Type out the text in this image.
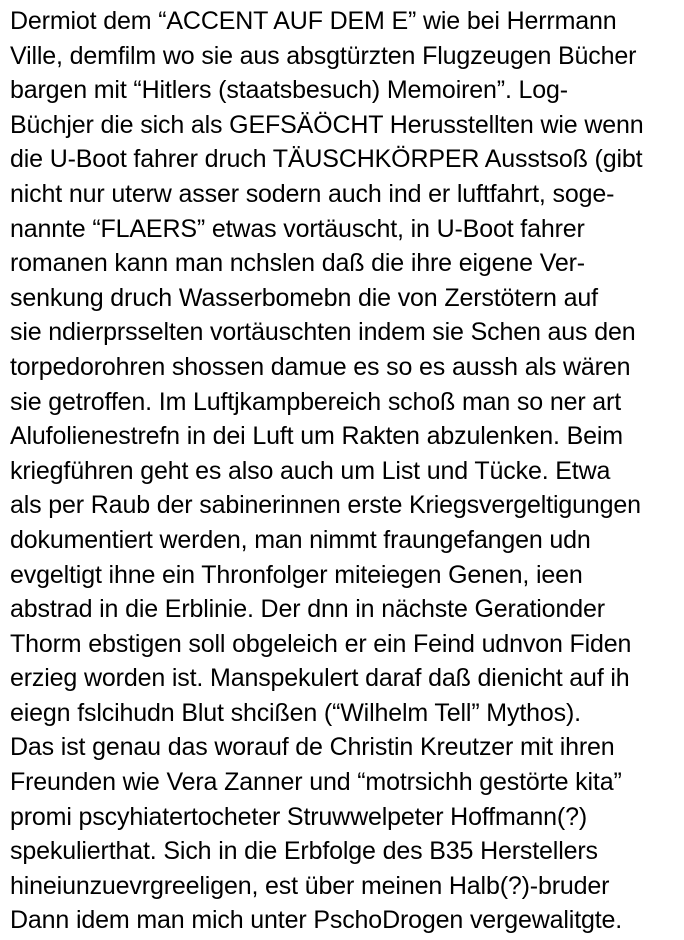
Dermiot dem “ACCENT AUF DEM E” wie bei Herrmann
Ville, demfilm wo sie aus absgtürzten Flugzeugen Bücher
bargen mit “Hitlers (staatsbesuch) Memoiren”. Log-
Büchjer die sich als GEFSÄÖCHT Herusstellten wie wenn
die U-Boot fahrer druch TÄUSCHKÖRPER Ausstsoß (gibt
nicht nur uterw asser sodern auch ind er luftfahrt, soge-
nannte “FLAERS” etwas vortäuscht, in U-Boot fahrer
romanen kann man nchslen daß die ihre eigene Ver-
senkung druch Wasserbomebn die von Zerstötern auf
sie ndierprsselten vortäuschten indem sie Schen aus den
torpedorohren shossen damue es so es aussh als wären
sie getroffen. Im Luftjkampbereich schoß man so ner art
Alufolienestrefn in dei Luft um Rakten abzulenken. Beim
kriegführen geht es also auch um List und Tücke. Etwa
als per Raub der sabinerinnen erste Kriegsvergeltigungen
dokumentiert werden, man nimmt fraungefangen udn
evgeltigt ihne ein Thronfolger miteiegen Genen, ieen
abstrad in die Erblinie. Der dnn in nächste Gerationder
Thorm ebstigen soll obgeleich er ein Feind udnvon Fiden
erzieg worden ist. Manspekulert daraf daß dienicht auf ih
eiegn fslcihudn Blut shcißen (“Wilhelm Tell” Mythos).
Das ist genau das worauf de Christin Kreutzer mit ihren
Freunden wie Vera Zanner und “motrsichh gestörte kita”
promi pscyhiatertocheter Struwwelpeter Hoffmann(?)
spekulierthat. Sich in die Erbfolge des B35 Herstellers
hineiunzuevrgreeligen, est über meinen Halb(?)-bruder
Dann idem man mich unter PschoDrogen vergewalitgte.
